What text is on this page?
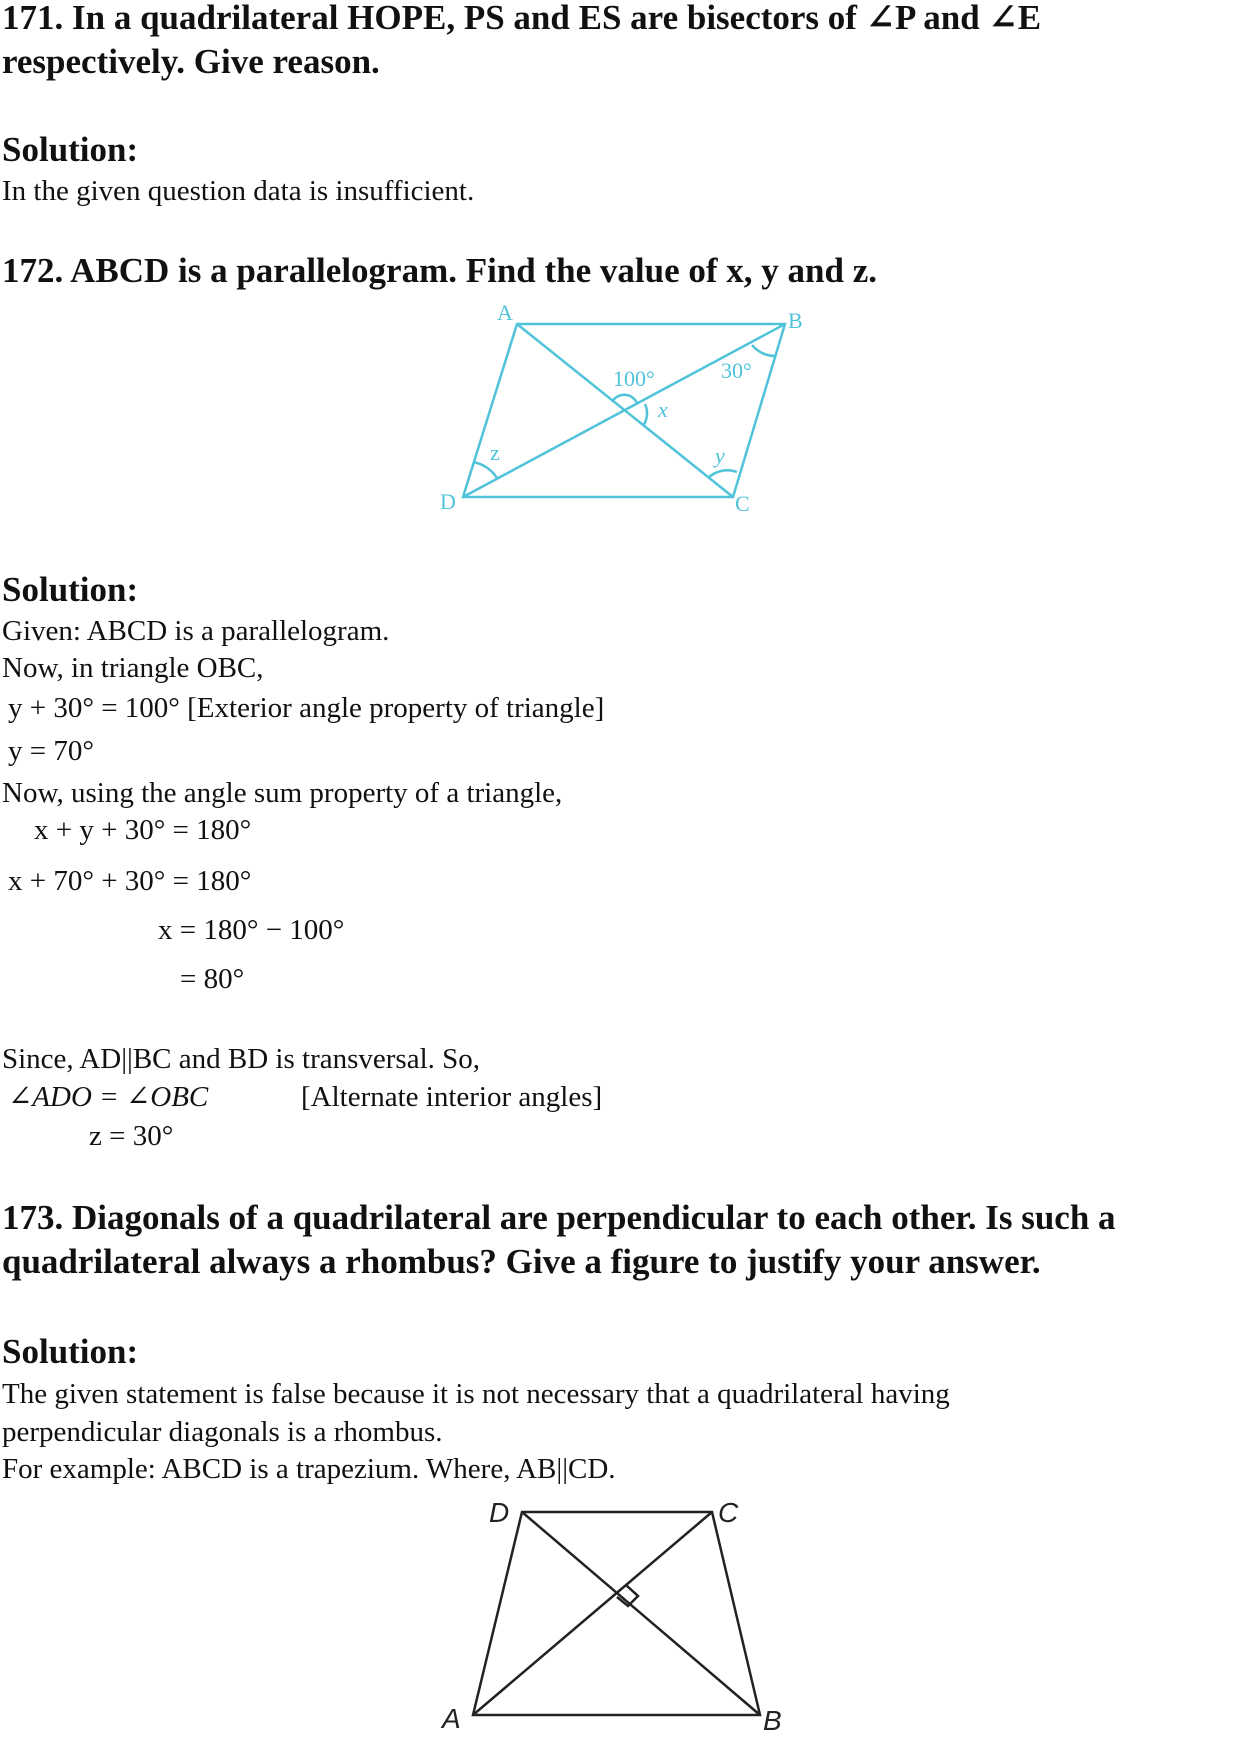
171. In a quadrilateral HOPE, PS and ES are bisectors of ∠P and ∠E
respectively. Give reason.
Solution:
In the given question data is insufficient.
172. ABCD is a parallelogram. Find the value of x, y and z.
A	B
C
D
100°	30°
x
y
z
Solution:
Given: ABCD is a parallelogram.
Now, in triangle OBC,
y + 30° = 100° [Exterior angle property of triangle]
y = 70°
Now, using the angle sum property of a triangle,
x + y + 30° = 180°
x + 70° + 30° = 180°
x = 180° − 100°
= 80°
Since, AD||BC and BD is transversal. So,
∠ADO = ∠OBC	[Alternate interior angles]
z = 30°
173. Diagonals of a quadrilateral are perpendicular to each other. Is such a
quadrilateral always a rhombus? Give a figure to justify your answer.
Solution:
The given statement is false because it is not necessary that a quadrilateral having
perpendicular diagonals is a rhombus.
For example: ABCD is a trapezium. Where, AB||CD.
D	C
A	B
